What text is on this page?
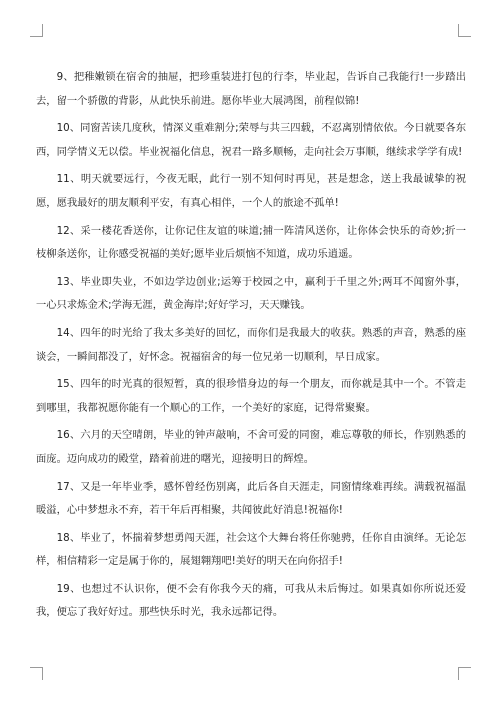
9、把稚嫩锁在宿舍的抽屉，把珍重装进打包的行李，毕业起，告诉自己我能行!一步踏出去，留一个骄傲的背影，从此快乐前进。愿你毕业大展鸿图，前程似锦!

10、同窗苦读几度秋，情深义重难割分;荣辱与共三四载，不忍离别情依依。今日就要各东西，同学情义无以偿。毕业祝福化信息，祝君一路多顺畅，走向社会万事顺，继续求学学有成!

11、明天就要远行，今夜无眠，此行一别不知何时再见，甚是想念，送上我最诚挚的祝愿，愿我最好的朋友顺利平安，有真心相伴，一个人的旅途不孤单!

12、采一楼花香送你，让你记住友谊的味道;捕一阵清风送你，让你体会快乐的奇妙;折一枝柳条送你，让你感受祝福的美好;愿毕业后烦恼不知道，成功乐逍遥。

13、毕业即失业，不如边学边创业;运筹于校园之中，赢利于千里之外;两耳不闻窗外事，一心只求炼金术;学海无涯，黄金海岸;好好学习，天天赚钱。

14、四年的时光给了我太多美好的回忆，而你们是我最大的收获。熟悉的声音，熟悉的座谈会，一瞬间都没了，好怀念。祝福宿舍的每一位兄弟一切顺利，早日成家。

15、四年的时光真的很短暂，真的很珍惜身边的每一个朋友，而你就是其中一个。不管走到哪里，我都祝愿你能有一个顺心的工作，一个美好的家庭，记得常聚聚。

16、六月的天空晴朗，毕业的钟声敲响，不舍可爱的同窗，难忘尊敬的师长，作别熟悉的面庞。迈向成功的殿堂，踏着前进的曙光，迎接明日的辉煌。

17、又是一年毕业季，感怀曾经伤别离，此后各自天涯走，同窗情缘难再续。满载祝福温暖溢，心中梦想永不弃，若干年后再相聚，共闻彼此好消息!祝福你!

18、毕业了，怀揣着梦想勇闯天涯，社会这个大舞台将任你驰骋，任你自由演绎。无论怎样，相信精彩一定是属于你的，展翅翱翔吧!美好的明天在向你招手!

19、也想过不认识你，便不会有你我今天的痛，可我从未后悔过。如果真如你所说还爱我，便忘了我好好过。那些快乐时光，我永远都记得。
